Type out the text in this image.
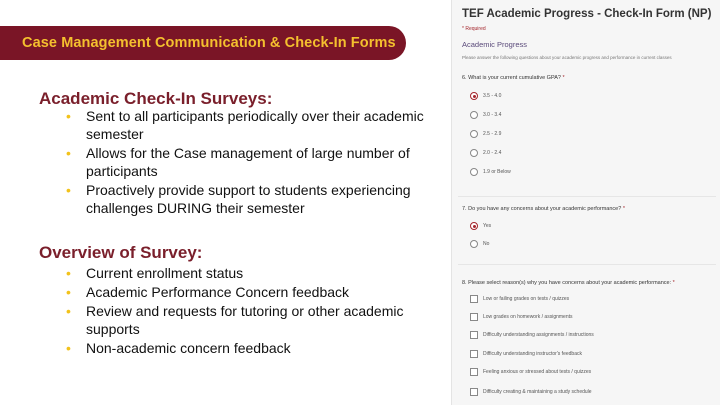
Case Management Communication & Check-In Forms
Academic Check-In Surveys:
• Sent to all participants periodically over their academic semester
• Allows for the Case management of large number of participants
• Proactively provide support to students experiencing challenges DURING their semester
Overview of Survey:
• Current enrollment status
• Academic Performance Concern feedback
• Review and requests for tutoring or other academic supports
• Non-academic concern feedback
TEF Academic Progress - Check-In Form (NP)
* Required
Academic Progress
Please answer the following questions about your academic progress and performance in current classes
6. What is your current cumulative GPA? *
3.5 - 4.0
3.0 - 3.4
2.5 - 2.9
2.0 - 2.4
1.9 or Below
7. Do you have any concerns about your academic performance? *
Yes
No
8. Please select reason(s) why you have concerns about your academic performance: *
Low or failing grades on tests / quizzes
Low grades on homework / assignments
Difficulty understanding assignments / instructions
Difficulty understanding instructor's feedback
Feeling anxious or stressed about tests / quizzes
Difficulty creating & maintaining a study schedule
